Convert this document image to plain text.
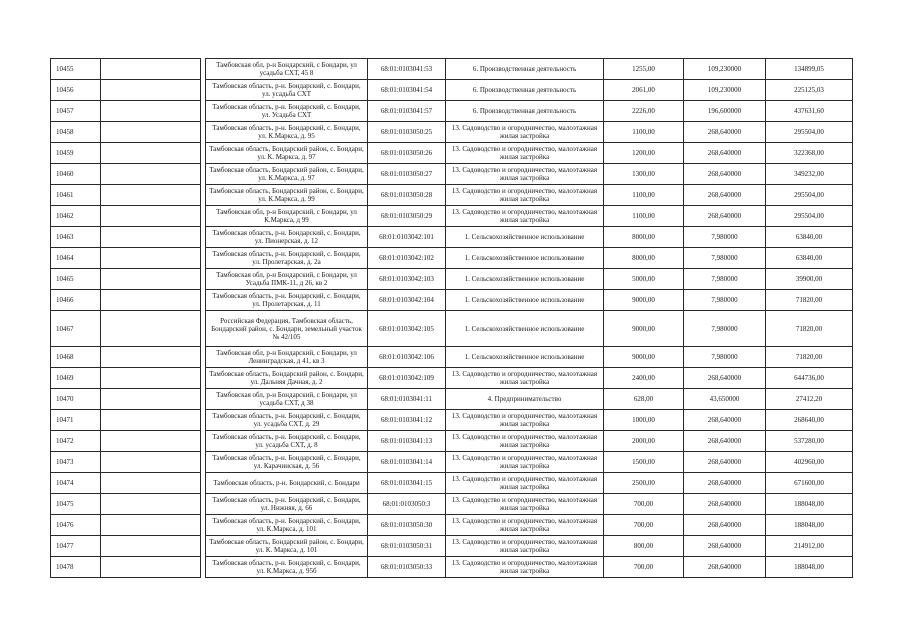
10455			Тамбовская обл, р-н Бондарский, с Бондари, ул усадьба СХТ, 45 8	68:01:0103041:53	6. Производственная деятельность	1255,00	109,230000	134899,05
10456			Тамбовская область, р-н. Бондарский, с. Бондари, ул. усадьба СХТ	68:01:0103041:54	6. Производственная деятельность	2061,00	109,230000	225125,03
10457			Тамбовская область, р-н. Бондарский, с. Бондари, ул. Усадьба СХТ	68:01:0103041:57	6. Производственная деятельность	2226,00	196,600000	437631,60
10458			Тамбовская область, р-н. Бондарский, с. Бондари, ул. К.Маркса, д. 95	68:01:0103050:25	13. Садоводство и огородничество, малоэтажная жилая застройка	1100,00	268,640000	295504,00
10459			Тамбовская область, Бондарский район, с. Бондари, ул. К. Маркса, д. 97	68:01:0103050:26	13. Садоводство и огородничество, малоэтажная жилая застройка	1200,00	268,640000	322368,00
10460			Тамбовская область, Бондарский район, с. Бондари, ул. К.Маркса, д. 97	68:01:0103050:27	13. Садоводство и огородничество, малоэтажная жилая застройка	1300,00	268,640000	349232,00
10461			Тамбовская область, Бондарский район, с. Бондари, ул. К.Маркса, д. 99	68:01:0103050:28	13. Садоводство и огородничество, малоэтажная жилая застройка	1100,00	268,640000	295504,00
10462			Тамбовская обл, р-н Бондарский, с Бондари, ул К.Маркса, д 99	68:01:0103050:29	13. Садоводство и огородничество, малоэтажная жилая застройка	1100,00	268,640000	295504,00
10463			Тамбовская область, р-н. Бондарский, с. Бондари, ул. Пионерская, д. 12	68:01:0103042:101	1. Сельскохозяйственное использование	8000,00	7,980000	63840,00
10464			Тамбовская область, р-н. Бондарский, с. Бондари, ул. Пролетарская, д. 2а	68:01:0103042:102	1. Сельскохозяйственное использование	8000,00	7,980000	63840,00
10465			Тамбовская обл, р-н Бондарский, с Бондари, ул Усадьба ПМК-11, д 26, кв 2	68:01:0103042:103	1. Сельскохозяйственное использование	5000,00	7,980000	39900,00
10466			Тамбовская область, р-н. Бондарский, с. Бондари, ул. Пролетарская, д. 11	68:01:0103042:104	1. Сельскохозяйственное использование	9000,00	7,980000	71820,00
10467			Российская Федерация, Тамбовская область, Бондарский район, с. Бондари, земельный участок № 42/105	68:01:0103042:105	1. Сельскохозяйственное использование	9000,00	7,980000	71820,00
10468			Тамбовская обл, р-н Бондарский, с Бондари, ул Ленинградская, д 41, кв 3	68:01:0103042:106	1. Сельскохозяйственное использование	9000,00	7,980000	71820,00
10469			Тамбовская область, Бондарский район, с. Бондари, ул. Дальняя Дачная, д. 2	68:01:0103042:109	13. Садоводство и огородничество, малоэтажная жилая застройка	2400,00	268,640000	644736,00
10470			Тамбовская обл, р-н Бондарский, с Бондари, ул усадьба СХТ, д 38	68:01:0103041:11	4. Предпринимательство	628,00	43,650000	27412,20
10471			Тамбовская область, р-н. Бондарский, с. Бондари, ул. усадьба СХТ, д. 29	68:01:0103041:12	13. Садоводство и огородничество, малоэтажная жилая застройка	1000,00	268,640000	268640,00
10472			Тамбовская область, р-н. Бондарский, с. Бондари, ул. усадьба СХТ, д. 8	68:01:0103041:13	13. Садоводство и огородничество, малоэтажная жилая застройка	2000,00	268,640000	537280,00
10473			Тамбовская область, р-н. Бондарский, с. Бондари, ул. Карачинская, д. 56	68:01:0103041:14	13. Садоводство и огородничество, малоэтажная жилая застройка	1500,00	268,640000	402960,00
10474			Тамбовская область, р-н. Бондарский, с. Бондари	68:01:0103041:15	13. Садоводство и огородничество, малоэтажная жилая застройка	2500,00	268,640000	671600,00
10475			Тамбовская область, р-н. Бондарский, с. Бондари, ул. Нижняя, д. 66	68:01:0103050:3	13. Садоводство и огородничество, малоэтажная жилая застройка	700,00	268,640000	188048,00
10476			Тамбовская область, р-н. Бондарский, с. Бондари, ул. К.Маркса, д. 101	68:01:0103050:30	13. Садоводство и огородничество, малоэтажная жилая застройка	700,00	268,640000	188048,00
10477			Тамбовская область, Бондарский район, с. Бондари, ул. К. Маркса, д. 101	68:01:0103050:31	13. Садоводство и огородничество, малоэтажная жилая застройка	800,00	268,640000	214912,00
10478			Тамбовская область, р-н. Бондарский, с. Бондари, ул. К.Маркса, д. 95б	68:01:0103050:33	13. Садоводство и огородничество, малоэтажная жилая застройка	700,00	268,640000	188048,00
